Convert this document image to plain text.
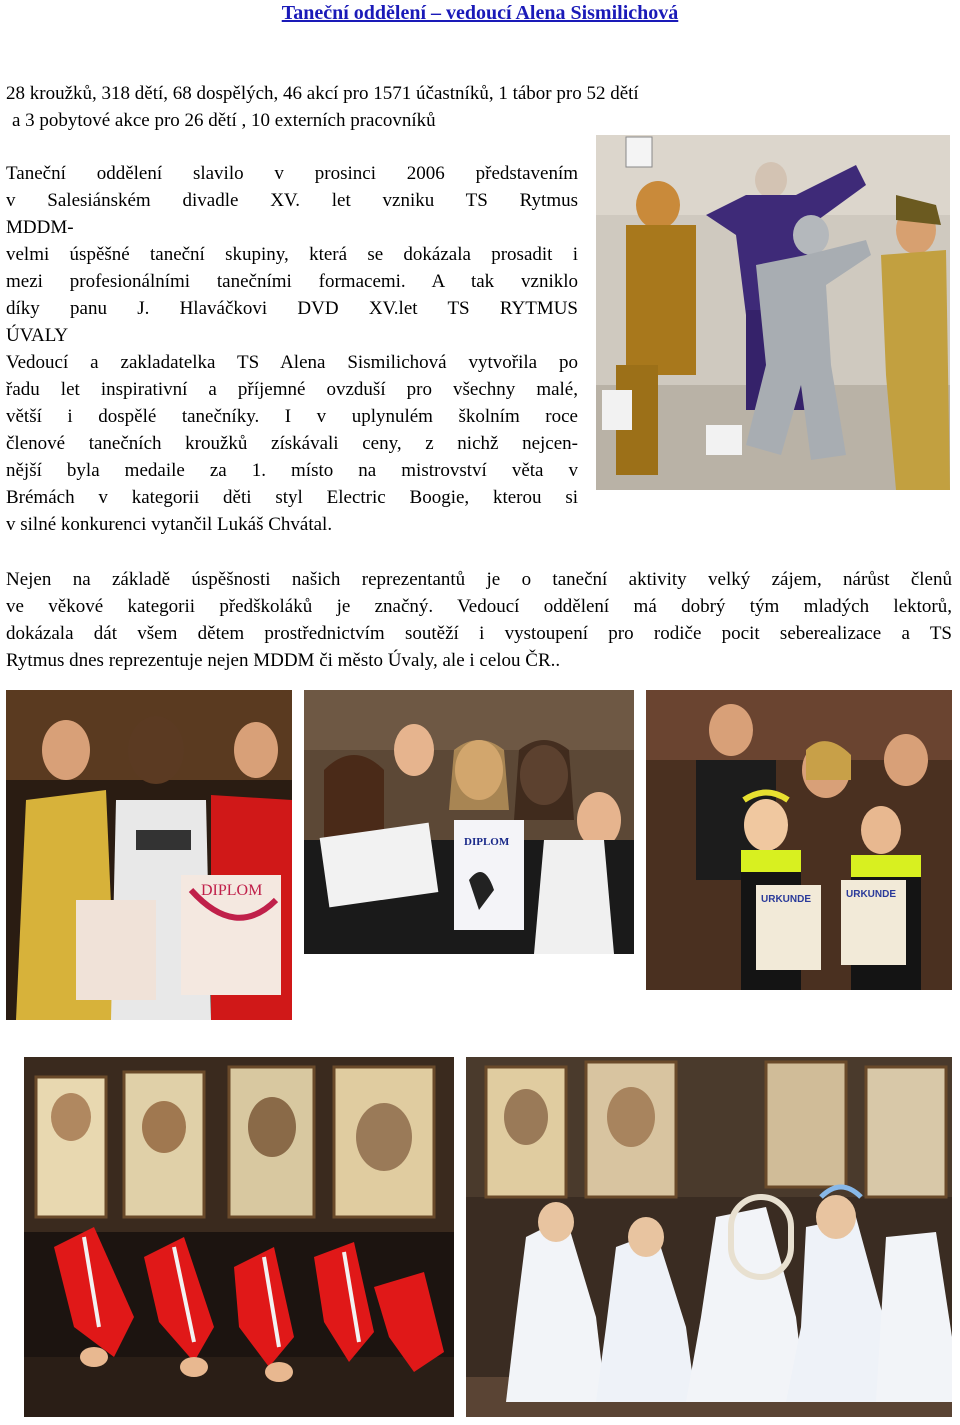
Taneční oddělení – vedoucí Alena Sismilichová
28 kroužků, 318 dětí, 68 dospělých, 46 akcí pro 1571 účastníků, 1 tábor pro 52 dětí
a 3 pobytové akce pro 26 dětí , 10 externích pracovníků
Taneční oddělení slavilo v prosinci 2006 představením
v Salesiánském divadle XV. let vzniku TS Rytmus
MDDM-
velmi úspěšné taneční skupiny, která se dokázala prosadit i
mezi profesionálními tanečními formacemi. A tak vzniklo
díky panu J. Hlaváčkovi DVD XV.let TS RYTMUS
ÚVALY
Vedoucí a zakladatelka TS Alena Sismilichová vytvořila po
řadu let inspirativní a příjemné ovzduší pro všechny malé,
větší i dospělé tanečníky. I v uplynulém školním roce
členové tanečních kroužků získávali ceny, z nichž nejcen-
nější byla medaile za 1. místo na mistrovství věta v
Brémách v kategorii děti styl Electric Boogie, kterou si
v silné konkurenci vytančil Lukáš Chvátal.
Nejen na základě úspěšnosti našich reprezentantů je o taneční aktivity velký zájem, nárůst členů
ve věkové kategorii předškoláků je značný. Vedoucí oddělení má dobrý tým mladých lektorů,
dokázala dát všem dětem prostřednictvím soutěží i vystoupení pro rodiče pocit seberealizace a TS
Rytmus dnes reprezentuje nejen MDDM či město Úvaly, ale i celou ČR..
DIPLOM
DIPLOM
URKUNDE	URKUNDE
